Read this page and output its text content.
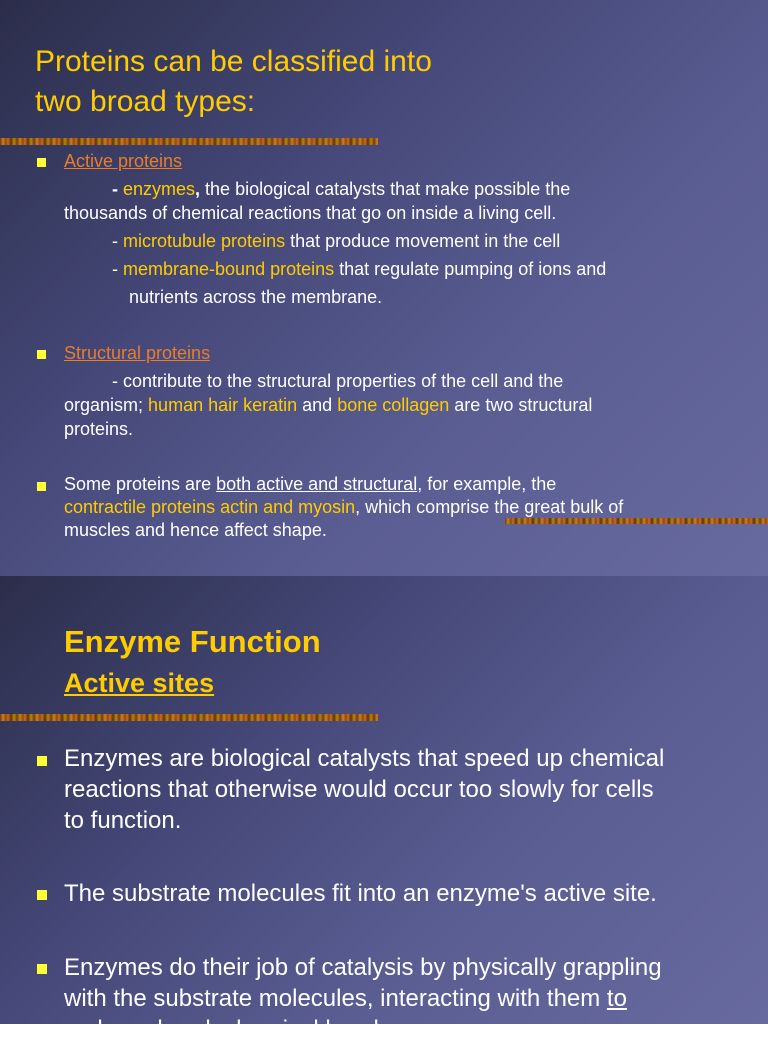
Proteins can be classified into
two broad types:

Active proteins

- enzymes, the biological catalysts that make possible the

thousands of chemical reactions that go on inside a living cell.

- microtubule proteins that produce movement in the cell

- membrane-bound proteins that regulate pumping of ions and

nutrients across the membrane.

Structural proteins

- contribute to the structural properties of the cell and the

organism; human hair keratin and bone collagen are two structural

proteins.

Some proteins are both active and structural, for example, the

contractile proteins actin and myosin, which comprise the great bulk of

muscles and hence affect shape.

Enzyme Function
Active sites

Enzymes are biological catalysts that speed up chemical

reactions that otherwise would occur too slowly for cells

to function.

The substrate molecules fit into an enzyme's active site.

Enzymes do their job of catalysis by physically grappling

with the substrate molecules, interacting with them to

make or break chemical bonds.
